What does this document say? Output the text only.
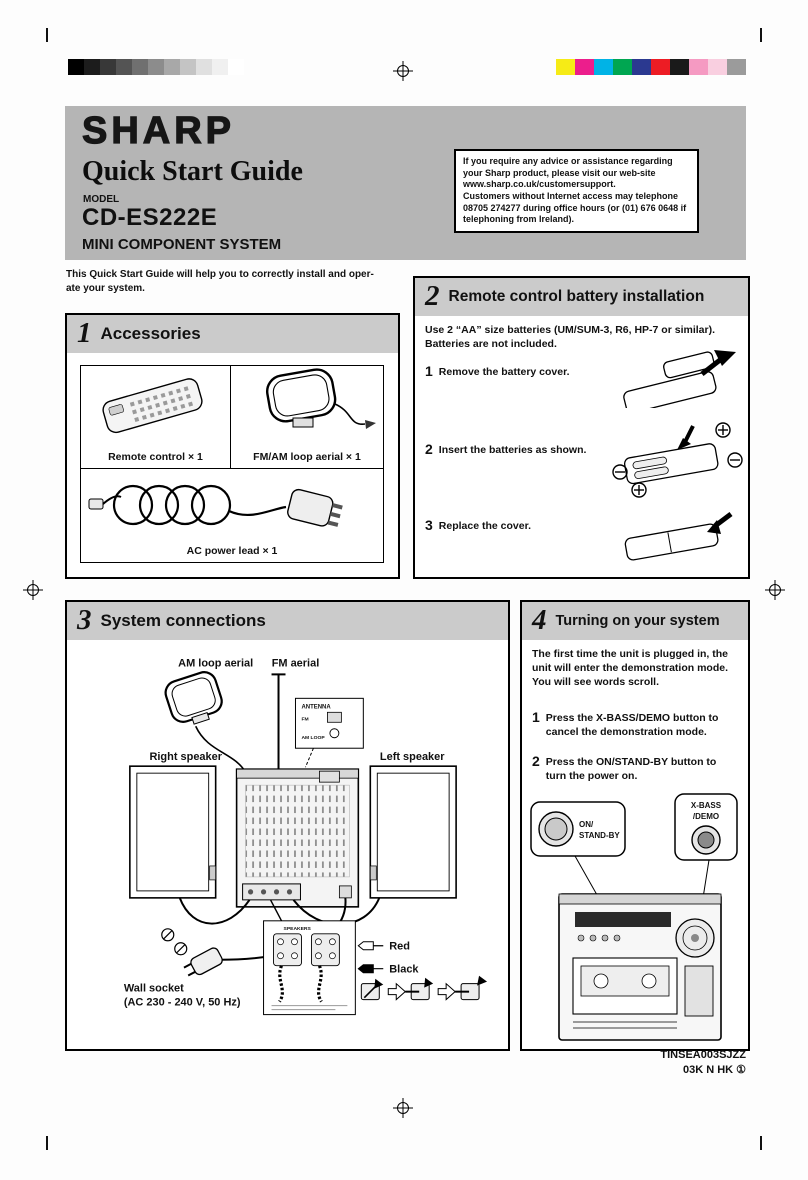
SHARP
Quick Start Guide
MODEL
CD-ES222E
MINI COMPONENT SYSTEM

If you require any advice or assistance regarding your Sharp product, please visit our web-site www.sharp.co.uk/customersupport.

Customers without Internet access may telephone 08705 274277 during office hours (or (01) 676 0648 if telephoning from Ireland).

This Quick Start Guide will help you to correctly install and oper-
ate your system.
1 Accessories
Remote control × 1	FM/AM loop aerial × 1
AC power lead × 1
2 Remote control battery installation
Use 2 “AA” size batteries (UM/SUM-3, R6, HP-7 or similar). Batteries are not included.
1 Remove the battery cover.
2 Insert the batteries as shown.
3 Replace the cover.
3 System connections
AM loop aerial FM aerial
Right speaker	Left speaker
ANTENNA
FM
AM LOOP
Wall socket
(AC 230 - 240 V, 50 Hz)
SPEAKERS
Red
Black
4 Turning on your system
The first time the unit is plugged in, the unit will enter the demonstration mode. You will see words scroll.
1 Press the X-BASS/DEMO button to cancel the demonstration mode.
2 Press the ON/STAND-BY button to turn the power on.
ON/
STAND-BY
X-BASS
/DEMO
TINSEA003SJZZ
03K N HK ①
